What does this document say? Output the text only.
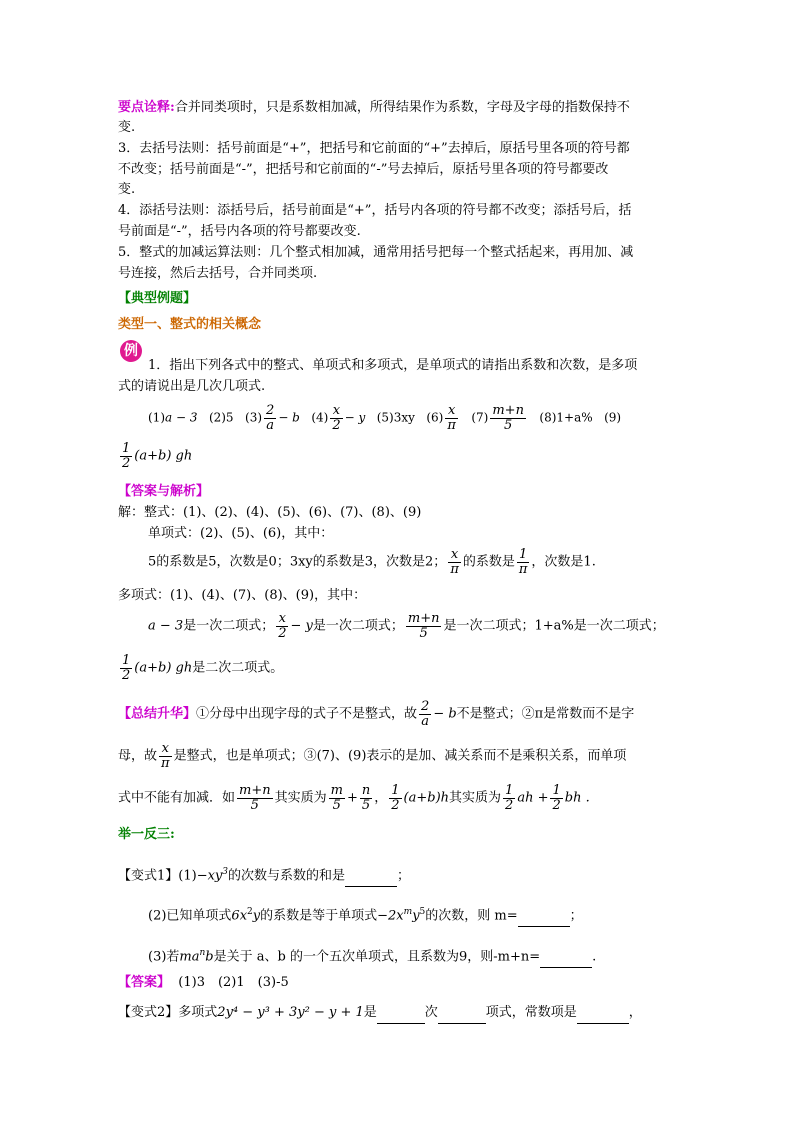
要点诠释:合并同类项时，只是系数相加减，所得结果作为系数，字母及字母的指数保持不
变.
3．去括号法则：括号前面是“+”，把括号和它前面的“+”去掉后，原括号里各项的符号都
不改变；括号前面是“-”，把括号和它前面的“-”号去掉后，原括号里各项的符号都要改
变.
4．添括号法则：添括号后，括号前面是“+”，括号内各项的符号都不改变；添括号后，括
号前面是“-”，括号内各项的符号都要改变.
5．整式的加减运算法则：几个整式相加减，通常用括号把每一个整式括起来，再用加、减
号连接，然后去括号，合并同类项.
【典型例题】
类型一、整式的相关概念
例
1．指出下列各式中的整式、单项式和多项式，是单项式的请指出系数和次数，是多项
式的请说出是几次几项式.
(1)a − 3 (2)5 $(3) \frac{2}{a} - b$ $(4) \frac{x}{2} - y$ (5)3xy $(6) \frac{x}{\pi} (7) \frac{m+n}{5} (8)1+a\%$ (9)
$\frac{1}{2} (a+b)$ gh
【答案与解析】
解：整式：(1)、(2)、(4)、(5)、(6)、(7)、(8)、(9)
单项式：(2)、(5)、(6)，其中：
5的系数是5，次数是0；3xy的系数是3，次数是2； $\frac{x}{\pi}$ 的系数是 $\frac{1}{\pi}$ ，次数是1.
多项式：(1)、(4)、(7)、(8)、(9)，其中：
a − 3是一次二项式； $\frac{x}{2} - y$是一次二项式； $\frac{m+n}{5}$ 是一次二项式；1+a%是一次二项式；
$\frac{1}{2} (a+b)$ gh是二次二项式。
【总结升华】①分母中出现字母的式子不是整式，故 $\frac{2}{a} - b$不是整式；②π是常数而不是字
母，故 $\frac{x}{\pi}$ 是整式，也是单项式；③(7)、(9)表示的是加、减关系而不是乘积关系，而单项
式中不能有加减．如 $\frac{m+n}{5}$ 其实质为 $\frac{m}{5} + \frac{n}{5}$ ， $\frac{1}{2} (a+b)h$其实质为 $\frac{1}{2}$ ah + $\frac{1}{2}$ bh .
举一反三:
【变式1】$(1)-xy^3$的次数与系数的和是	；
(2)已知单项式$6x^2y$的系数是等于单项式$-2x^my^5$的次数，则 m=	；
(3)若$ma^nb$是关于 a、b 的一个五次单项式，且系数为9，则-m+n=	.
【答案】 (1)3　(2)1　(3)-5
【变式2】多项式2y⁴ − y³ + 3y² − y + 1是	次	项式，常数项是	，
